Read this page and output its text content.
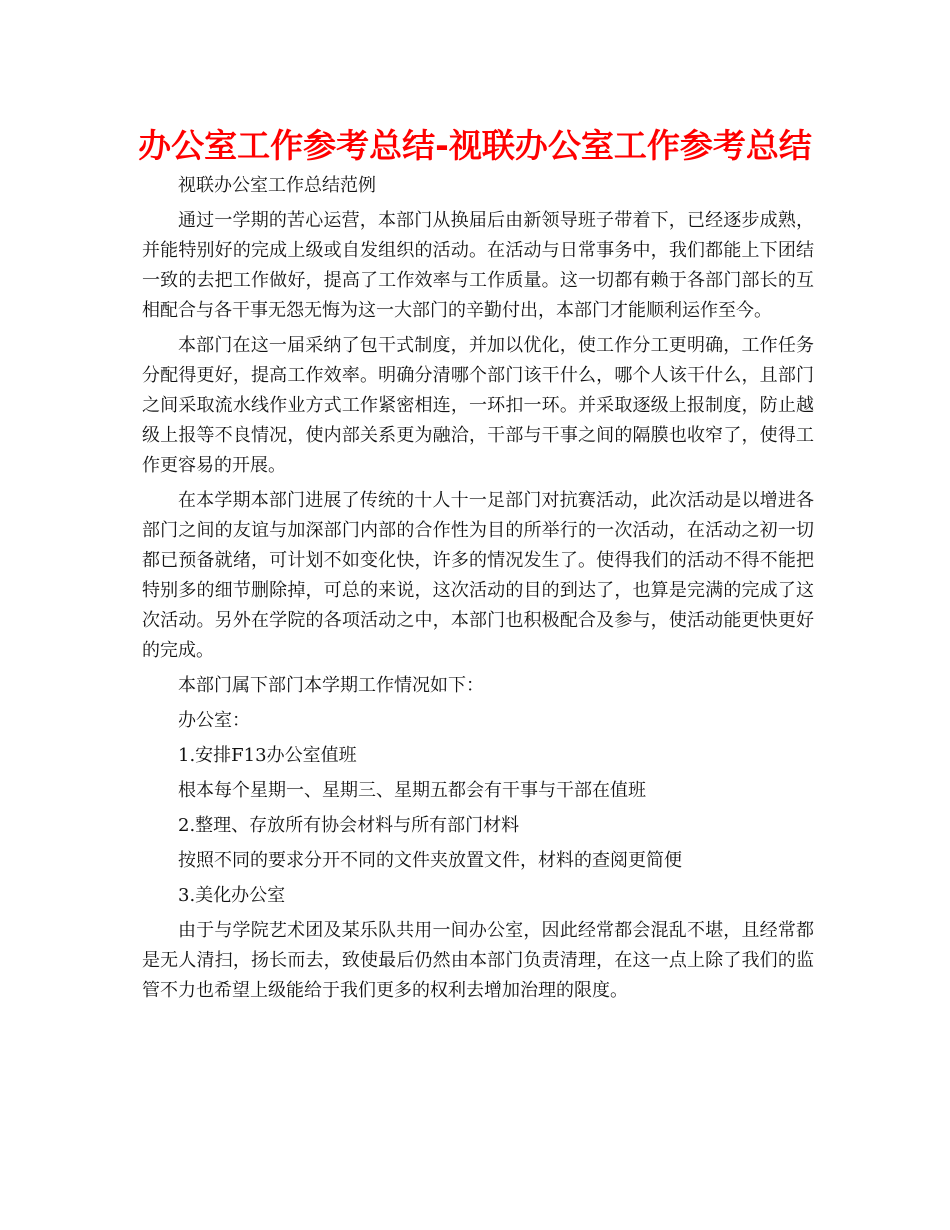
办公室工作参考总结-视联办公室工作参考总结

视联办公室工作总结范例

通过一学期的苦心运营，本部门从换届后由新领导班子带着下，已经逐步成熟，并能特别好的完成上级或自发组织的活动。在活动与日常事务中，我们都能上下团结一致的去把工作做好，提高了工作效率与工作质量。这一切都有赖于各部门部长的互相配合与各干事无怨无悔为这一大部门的辛勤付出，本部门才能顺利运作至今。

本部门在这一届采纳了包干式制度，并加以优化，使工作分工更明确，工作任务分配得更好，提高工作效率。明确分清哪个部门该干什么，哪个人该干什么，且部门之间采取流水线作业方式工作紧密相连，一环扣一环。并采取逐级上报制度，防止越级上报等不良情况，使内部关系更为融洽，干部与干事之间的隔膜也收窄了，使得工作更容易的开展。

在本学期本部门进展了传统的十人十一足部门对抗赛活动，此次活动是以增进各部门之间的友谊与加深部门内部的合作性为目的所举行的一次活动，在活动之初一切都已预备就绪，可计划不如变化快，许多的情况发生了。使得我们的活动不得不能把特别多的细节删除掉，可总的来说，这次活动的目的到达了，也算是完满的完成了这次活动。另外在学院的各项活动之中，本部门也积极配合及参与，使活动能更快更好的完成。

本部门属下部门本学期工作情况如下：

办公室：

1.安排F13办公室值班

根本每个星期一、星期三、星期五都会有干事与干部在值班

2.整理、存放所有协会材料与所有部门材料

按照不同的要求分开不同的文件夹放置文件，材料的查阅更简便

3.美化办公室

由于与学院艺术团及某乐队共用一间办公室，因此经常都会混乱不堪，且经常都是无人清扫，扬长而去，致使最后仍然由本部门负责清理，在这一点上除了我们的监管不力也希望上级能给于我们更多的权利去增加治理的限度。
